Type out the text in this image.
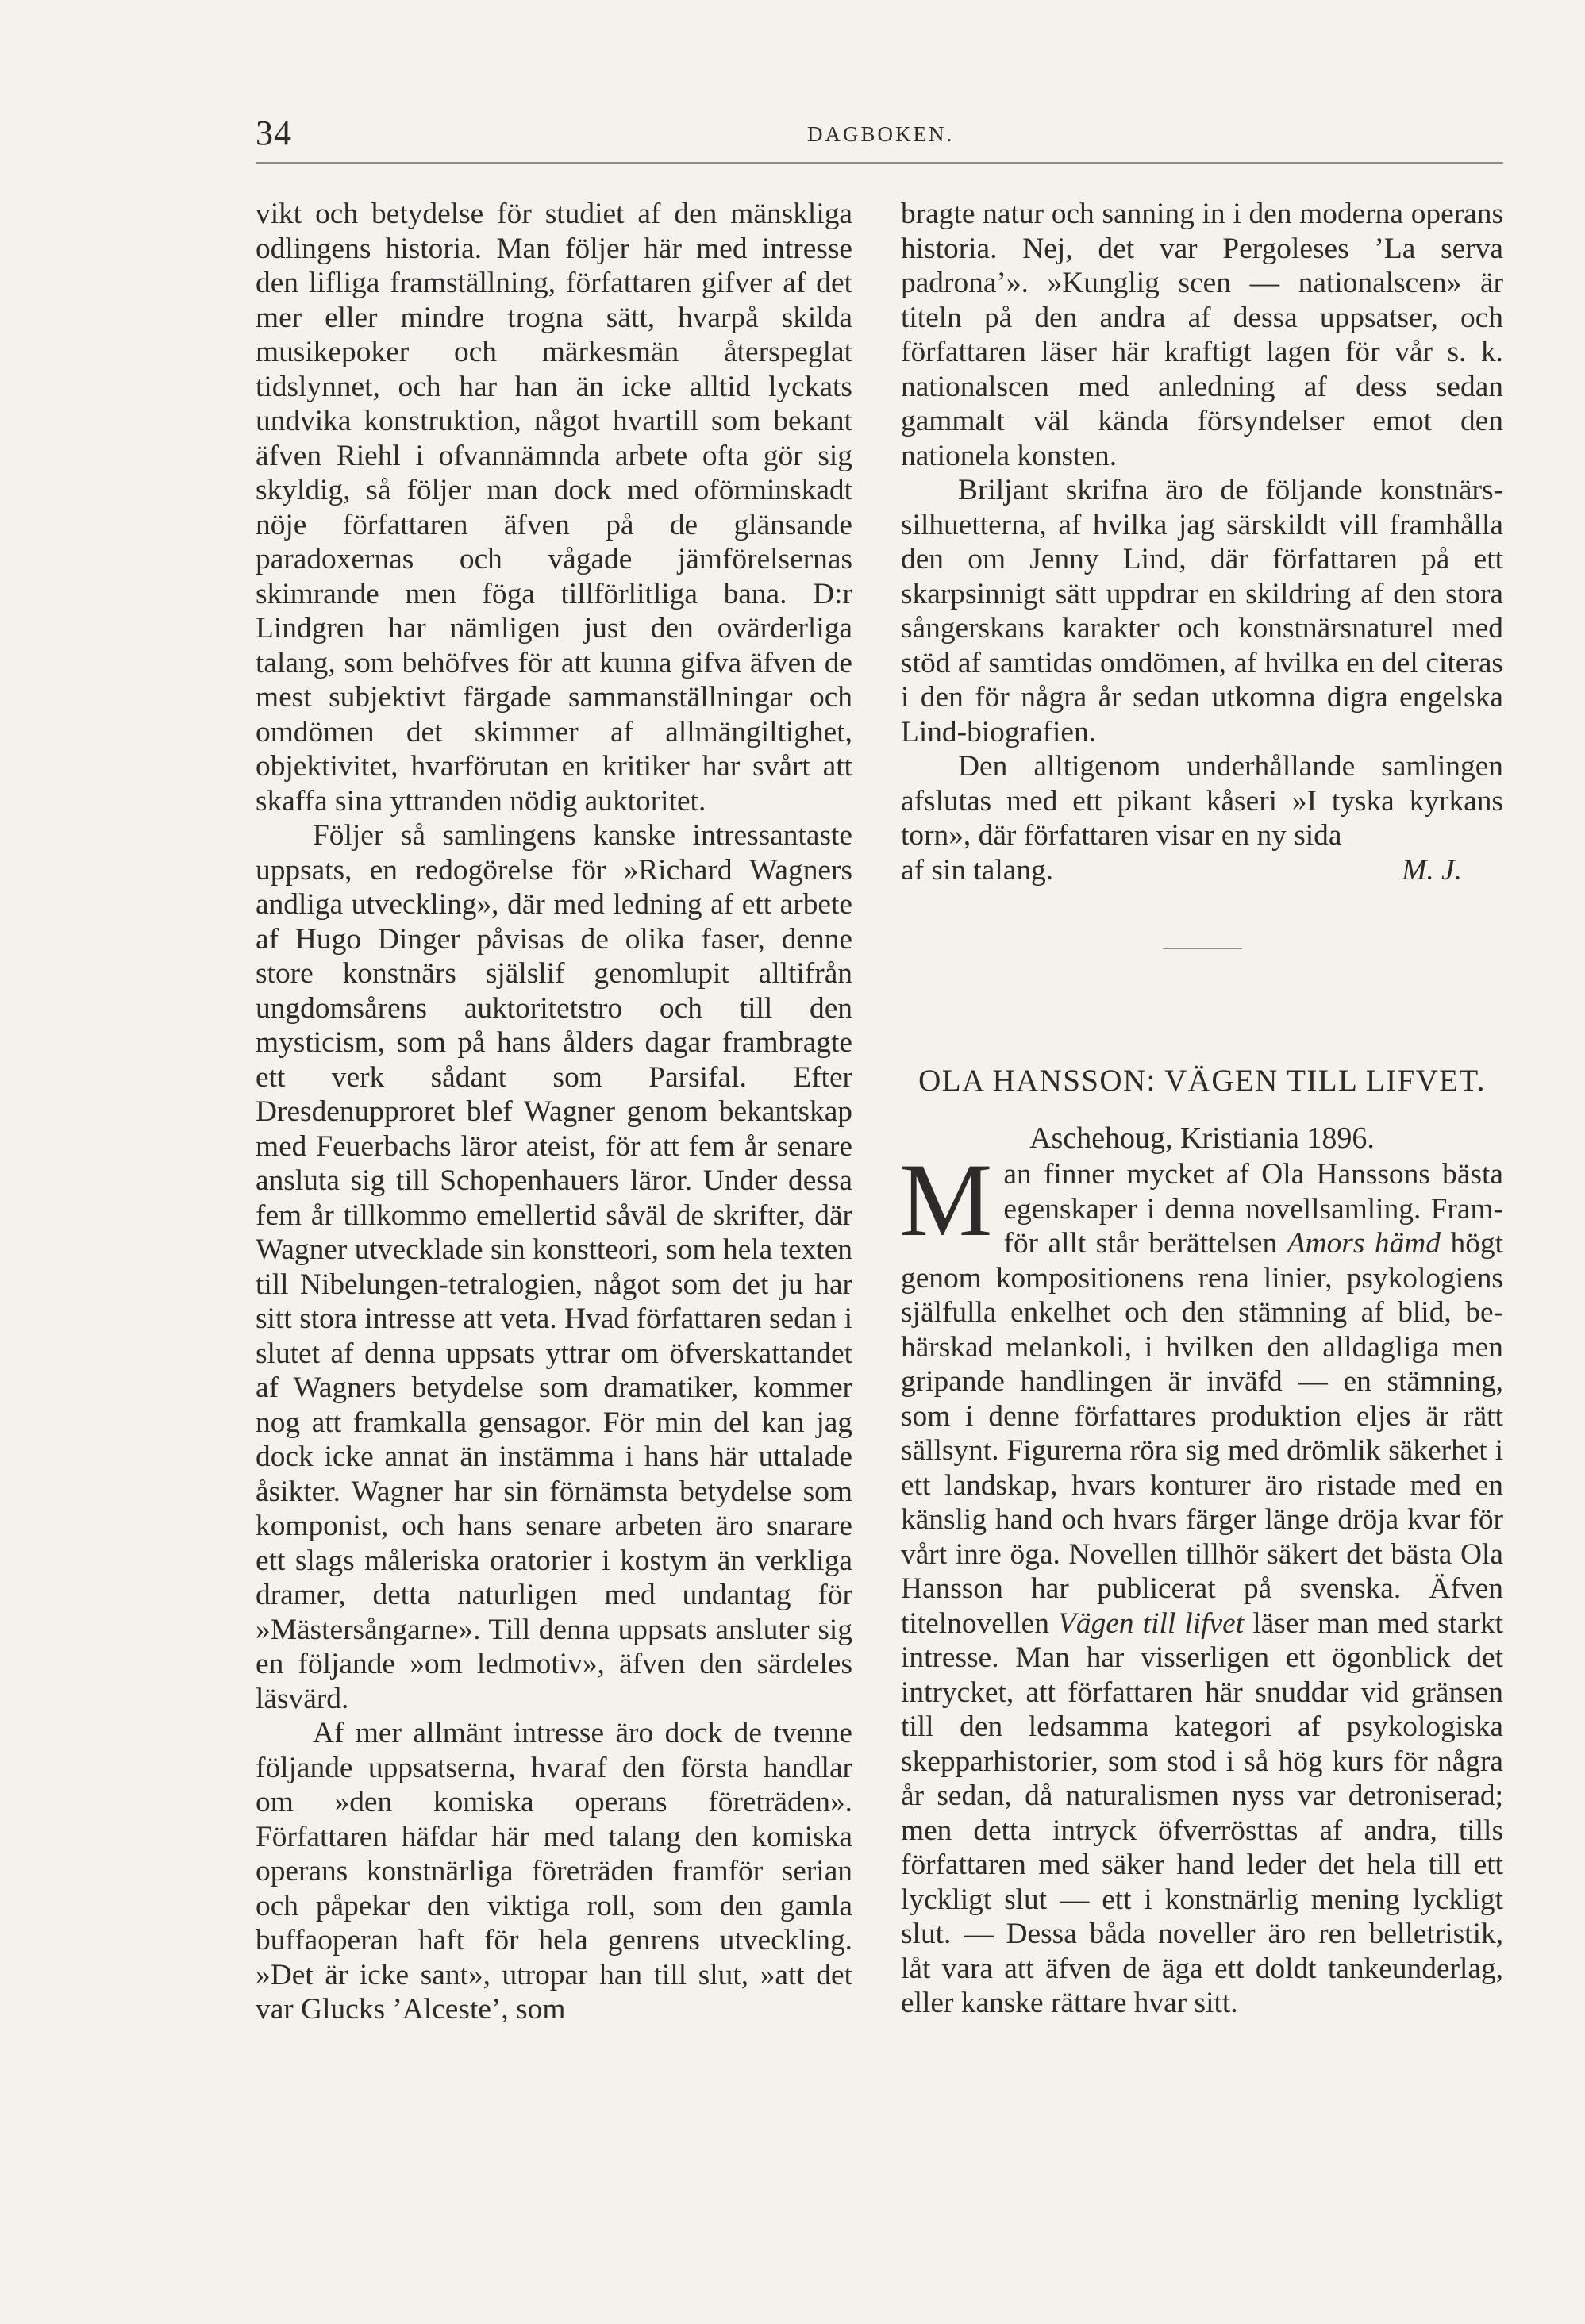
34	DAGBOKEN.

vikt och betydelse för studiet af den mänskliga odlingens historia. Man följer här med intresse den lifliga framställning, författaren gifver af det mer eller mindre trogna sätt, hvarpå skilda musikepoker och märkesmän återspeglat tidslynnet, och har han än icke alltid lyckats undvika konstruktion, något hvartill som bekant äfven Riehl i ofvannämnda arbete ofta gör sig skyldig, så följer man dock med oförminskadt nöje författaren äfven på de glänsande paradoxernas och vågade jämförelsernas skimrande men föga tillförlitliga bana. D:r Lindgren har nämligen just den ovärderliga talang, som behöfves för att kunna gifva äfven de mest subjektivt färgade sammanställningar och omdömen det skimmer af allmängiltighet, objektivitet, hvarförutan en kritiker har svårt att skaffa sina yttranden nödig auktoritet.

Följer så samlingens kanske intressantaste uppsats, en redogörelse för »Richard Wagners andliga utveckling», där med ledning af ett arbete af Hugo Dinger påvisas de olika faser, denne store konstnärs själslif genomlupit alltifrån ungdomsårens auktoritetstro och till den mysticism, som på hans ålders dagar frambragte ett verk sådant som Parsifal. Efter Dresdenupproret blef Wagner genom bekantskap med Feuerbachs läror ateist, för att fem år senare ansluta sig till Schopenhauers läror. Under dessa fem år tillkommo emellertid såväl de skrifter, där Wagner utvecklade sin konstteori, som hela texten till Nibelungen-tetralogien, något som det ju har sitt stora intresse att veta. Hvad författaren sedan i slutet af denna uppsats yttrar om öfverskattandet af Wagners betydelse som dramatiker, kommer nog att framkalla gensagor. För min del kan jag dock icke annat än instämma i hans här uttalade åsikter. Wagner har sin förnämsta betydelse som komponist, och hans senare arbeten äro snarare ett slags måleriska oratorier i kostym än verkliga dramer, detta naturligen med undantag för »Mästersångarne». Till denna uppsats ansluter sig en följande »om ledmotiv», äfven den särdeles läsvärd.

Af mer allmänt intresse äro dock de tvenne följande uppsatserna, hvaraf den första handlar om »den komiska operans företräden». Författaren häfdar här med talang den komiska operans konstnärliga företräden framför serian och påpekar den viktiga roll, som den gamla buffaoperan haft för hela genrens utveckling. »Det är icke sant», utropar han till slut, »att det var Glucks ’Alceste’, som

bragte natur och sanning in i den moderna operans historia. Nej, det var Pergoleses ’La serva padrona’». »Kunglig scen — nationalscen» är titeln på den andra af dessa uppsatser, och författaren läser här kraftigt lagen för vår s. k. nationalscen med anledning af dess sedan gammalt väl kända försyndelser emot den nationela konsten.

Briljant skrifna äro de följande konstnärssilhuetterna, af hvilka jag särskildt vill framhålla den om Jenny Lind, där författaren på ett skarpsinnigt sätt uppdrar en skildring af den stora sångerskans karakter och konstnärsnaturel med stöd af samtidas omdömen, af hvilka en del citeras i den för några år sedan utkomna digra engelska Lind-biografien.

Den alltigenom underhållande samlingen afslutas med ett pikant kåseri »I tyska kyrkans torn», där författaren visar en ny sida

af sin talang.	M. J.
OLA HANSSON: VÄGEN TILL LIFVET.
Aschehoug, Kristiania 1896.

Man finner mycket af Ola Hanssons bästa egenskaper i denna novellsamling. Framför allt står berättelsen Amors hämd högt genom kompositionens rena linier, psykologiens själfulla enkelhet och den stämning af blid, behärskad melankoli, i hvilken den alldagliga men gripande handlingen är inväfd — en stämning, som i denne författares produktion eljes är rätt sällsynt. Figurerna röra sig med drömlik säkerhet i ett landskap, hvars konturer äro ristade med en känslig hand och hvars färger länge dröja kvar för vårt inre öga. Novellen tillhör säkert det bästa Ola Hansson har publicerat på svenska. Äfven titelnovellen Vägen till lifvet läser man med starkt intresse. Man har visserligen ett ögonblick det intrycket, att författaren här snuddar vid gränsen till den ledsamma kategori af psykologiska skepparhistorier, som stod i så hög kurs för några år sedan, då naturalismen nyss var detroniserad; men detta intryck öfverrösttas af andra, tills författaren med säker hand leder det hela till ett lyckligt slut — ett i konstnärlig mening lyckligt slut. — Dessa båda noveller äro ren belletristik, låt vara att äfven de äga ett doldt tankeunderlag, eller kanske rättare hvar sitt.
